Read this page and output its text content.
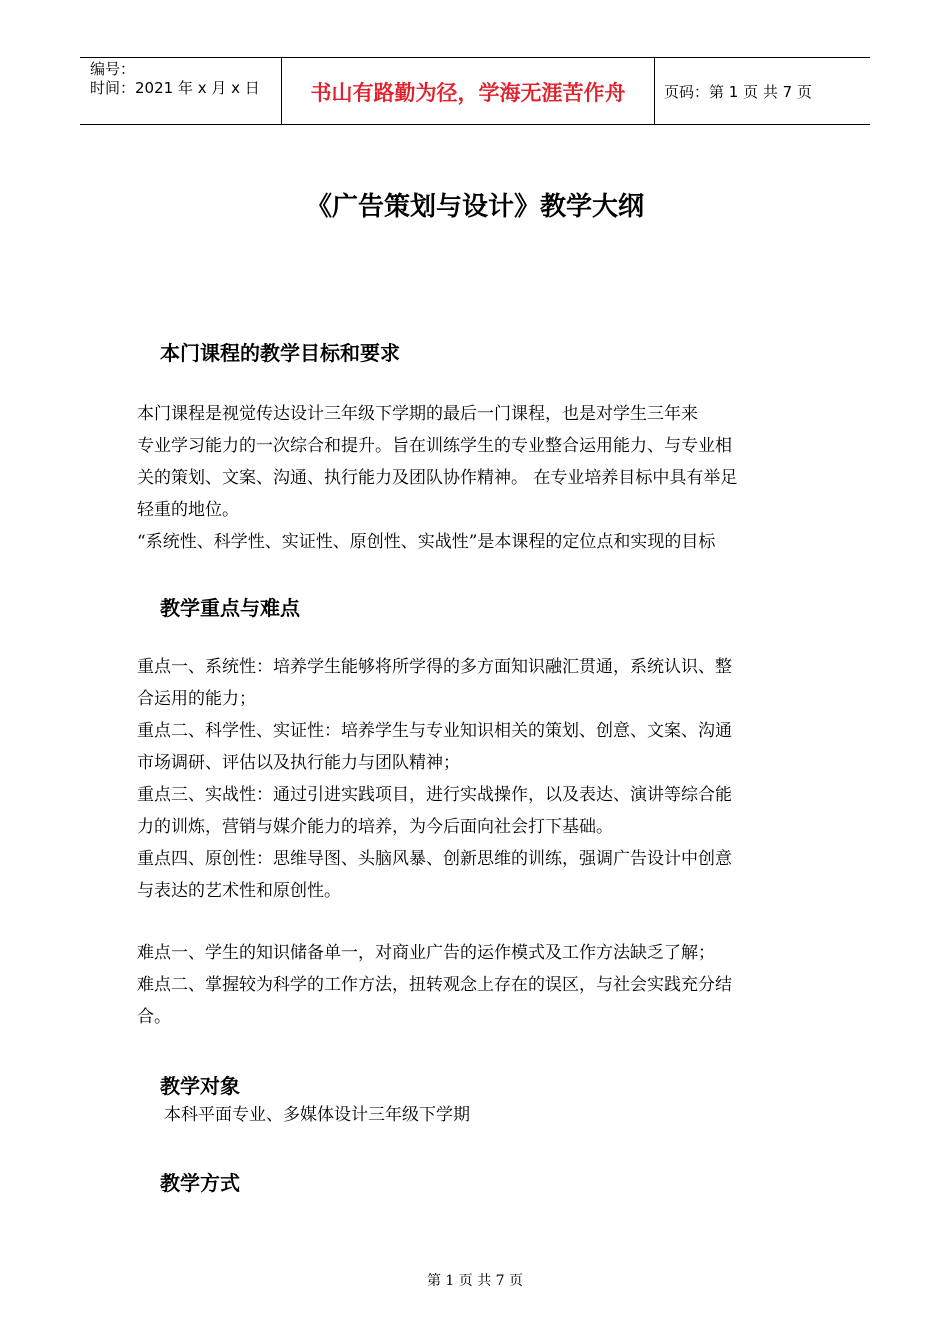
编号：
时间：2021 年 x 月 x 日	书山有路勤为径，学海无涯苦作舟	页码：第 1 页 共 7 页
《广告策划与设计》教学大纲
本门课程的教学目标和要求
本门课程是视觉传达设计三年级下学期的最后一门课程，也是对学生三年来
专业学习能力的一次综合和提升。旨在训练学生的专业整合运用能力、与专业相
关的策划、文案、沟通、执行能力及团队协作精神。 在专业培养目标中具有举足
轻重的地位。
“系统性、科学性、实证性、原创性、实战性”是本课程的定位点和实现的目标
教学重点与难点
重点一、系统性：培养学生能够将所学得的多方面知识融汇贯通，系统认识、整
合运用的能力；
重点二、科学性、实证性：培养学生与专业知识相关的策划、创意、文案、沟通
市场调研、评估以及执行能力与团队精神；
重点三、实战性：通过引进实践项目，进行实战操作，以及表达、演讲等综合能
力的训炼，营销与媒介能力的培养，为今后面向社会打下基础。
重点四、原创性：思维导图、头脑风暴、创新思维的训练，强调广告设计中创意
与表达的艺术性和原创性。
难点一、学生的知识储备单一，对商业广告的运作模式及工作方法缺乏了解；
难点二、掌握较为科学的工作方法，扭转观念上存在的误区，与社会实践充分结
合。
教学对象
本科平面专业、多媒体设计三年级下学期
教学方式
第 1 页 共 7 页
